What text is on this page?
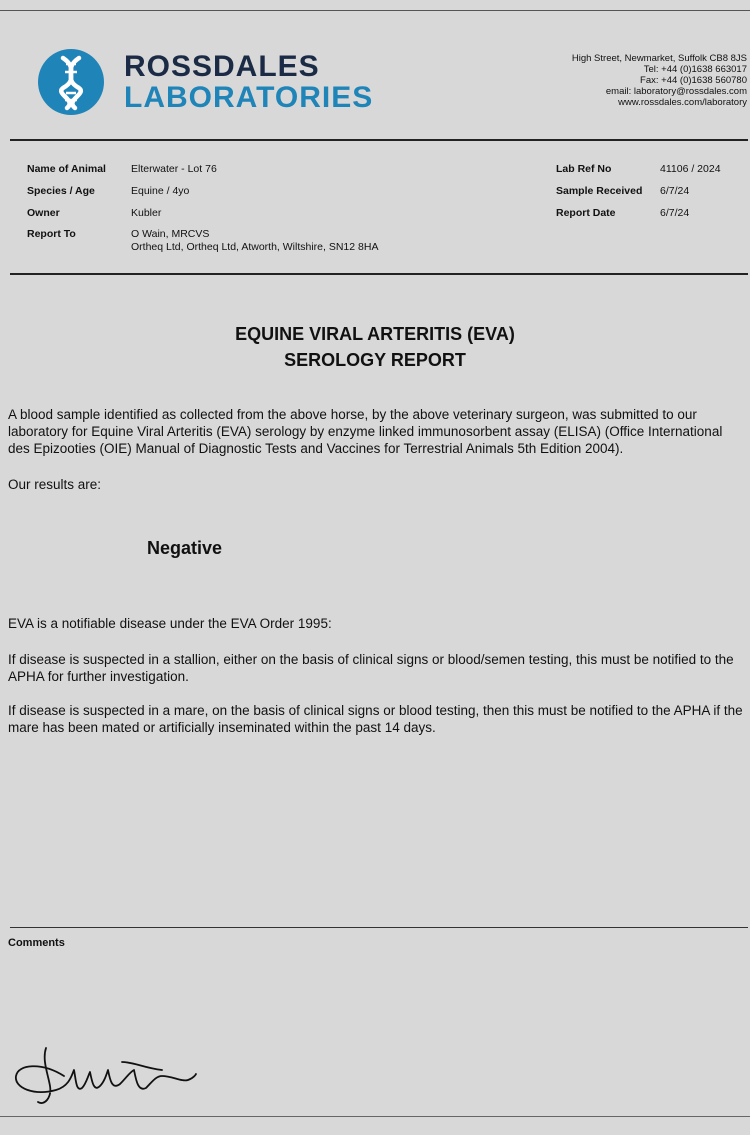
ROSSDALES
LABORATORIES
High Street, Newmarket, Suffolk CB8 8JS
Tel: +44 (0)1638 663017
Fax: +44 (0)1638 560780
email: laboratory@rossdales.com
www.rossdales.com/laboratory
Name of Animal Elterwater - Lot 76
Species / Age	Equine / 4yo
Owner	Kubler
Report To	O Wain, MRCVS
Ortheq Ltd, Ortheq Ltd, Atworth, Wiltshire, SN12 8HA
Lab Ref No	41106 / 2024
Sample Received 6/7/24
Report Date	6/7/24
EQUINE VIRAL ARTERITIS (EVA)
SEROLOGY REPORT
A blood sample identified as collected from the above horse, by the above veterinary surgeon, was submitted to our laboratory for Equine Viral Arteritis (EVA) serology by enzyme linked immunosorbent assay (ELISA) (Office International des Epizooties (OIE) Manual of Diagnostic Tests and Vaccines for Terrestrial Animals 5th Edition 2004).
Our results are:
Negative
EVA is a notifiable disease under the EVA Order 1995:
If disease is suspected in a stallion, either on the basis of clinical signs or blood/semen testing, this must be notified to the APHA for further investigation.
If disease is suspected in a mare, on the basis of clinical signs or blood testing, then this must be notified to the APHA if the mare has been mated or artificially inseminated within the past 14 days.
Comments
